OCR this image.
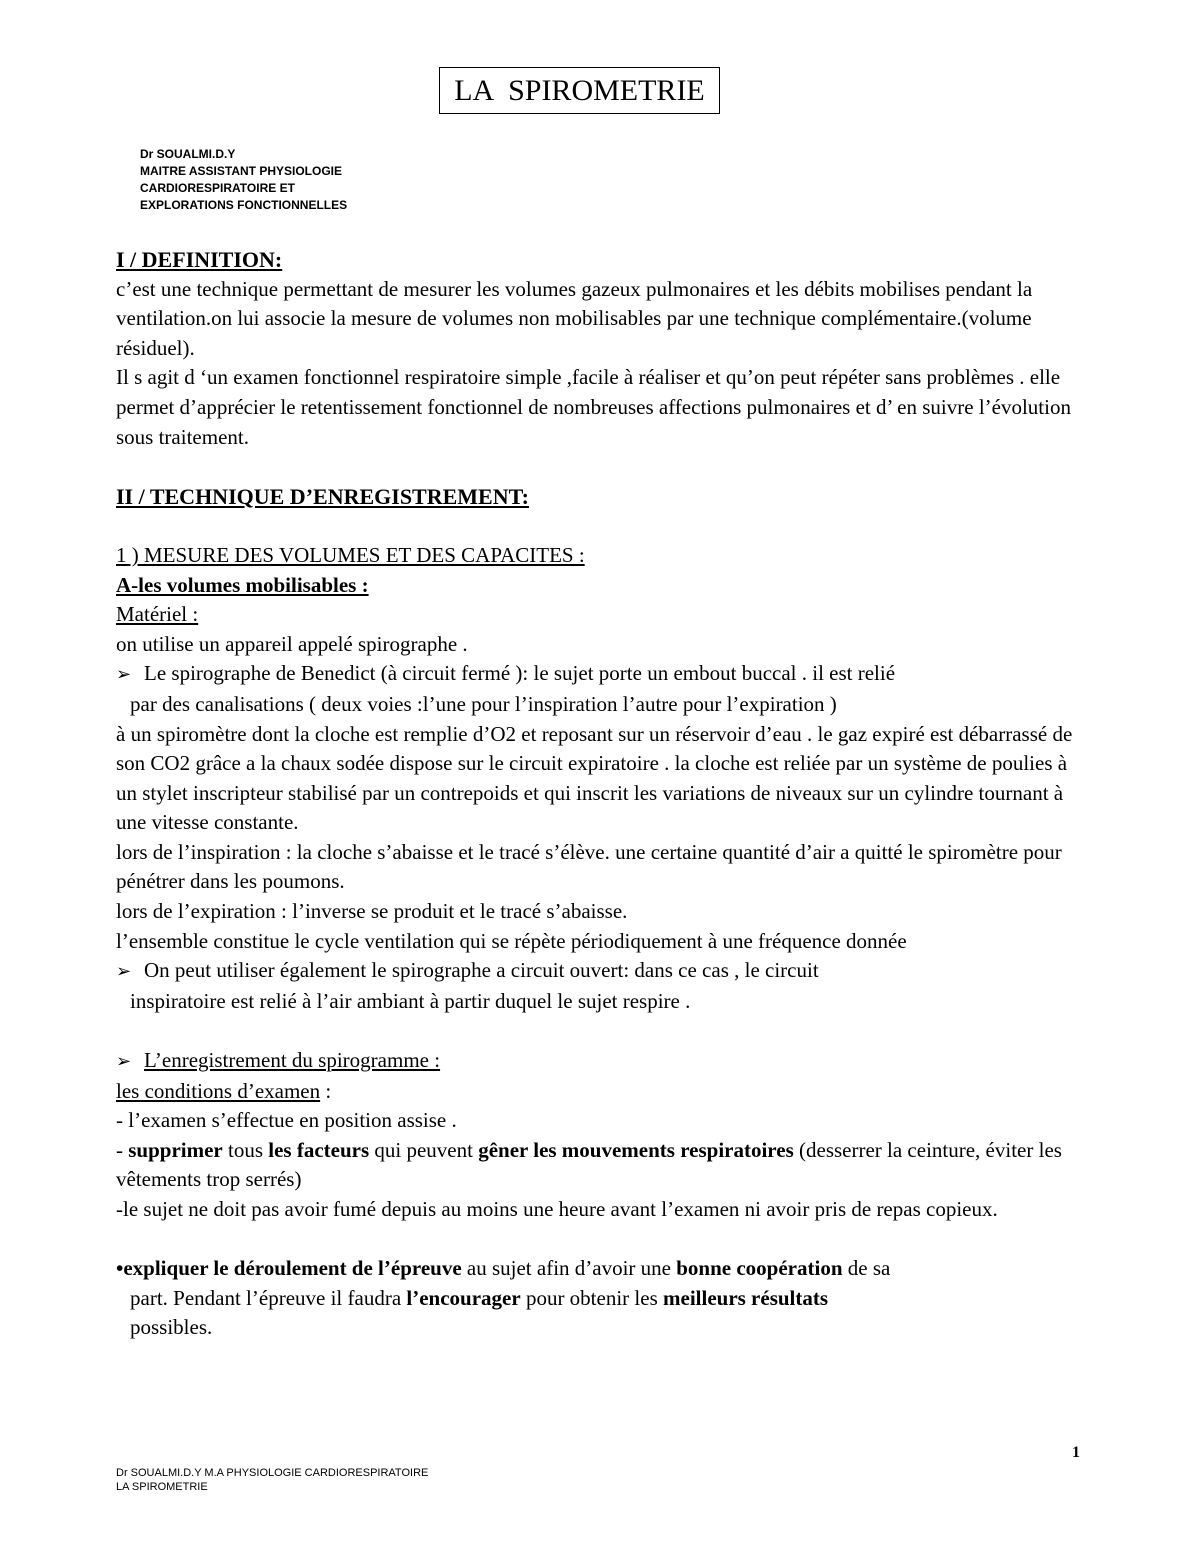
LA SPIROMETRIE
Dr SOUALMI.D.Y
MAITRE ASSISTANT PHYSIOLOGIE
CARDIORESPIRATOIRE ET
EXPLORATIONS FONCTIONNELLES

I / DEFINITION:

c’est une technique permettant de mesurer les volumes gazeux pulmonaires et les débits mobilises pendant la ventilation.on lui associe la mesure de volumes non mobilisables par une technique complémentaire.(volume résiduel).

Il s agit d ‘un examen fonctionnel respiratoire simple ,facile à réaliser et qu’on peut répéter sans problèmes . elle permet d’apprécier le retentissement fonctionnel de nombreuses affections pulmonaires et d’ en suivre l’évolution sous traitement.

II / TECHNIQUE D’ENREGISTREMENT:

1 ) MESURE DES VOLUMES ET DES CAPACITES :

A-les volumes mobilisables :

Matériel :

on utilise un appareil appelé spirographe .

➢ Le spirographe de Benedict (à circuit fermé ): le sujet porte un embout buccal . il est relié

par des canalisations ( deux voies :l’une pour l’inspiration l’autre pour l’expiration )

à un spiromètre dont la cloche est remplie d’O2 et reposant sur un réservoir d’eau . le gaz expiré est débarrassé de son CO2 grâce a la chaux sodée dispose sur le circuit expiratoire . la cloche est reliée par un système de poulies à un stylet inscripteur stabilisé par un contrepoids et qui inscrit les variations de niveaux sur un cylindre tournant à une vitesse constante.

lors de l’inspiration : la cloche s’abaisse et le tracé s’élève. une certaine quantité d’air a quitté le spiromètre pour pénétrer dans les poumons.

lors de l’expiration : l’inverse se produit et le tracé s’abaisse.

l’ensemble constitue le cycle ventilation qui se répète périodiquement à une fréquence donnée

➢ On peut utiliser également le spirographe a circuit ouvert: dans ce cas , le circuit

inspiratoire est relié à l’air ambiant à partir duquel le sujet respire .

➢ L’enregistrement du spirogramme :

les conditions d’examen :

- l’examen s’effectue en position assise .

- supprimer tous les facteurs qui peuvent gêner les mouvements respiratoires (desserrer la ceinture, éviter les vêtements trop serrés)

-le sujet ne doit pas avoir fumé depuis au moins une heure avant l’examen ni avoir pris de repas copieux.

•expliquer le déroulement de l’épreuve au sujet afin d’avoir une bonne coopération de sa

part. Pendant l’épreuve il faudra l’encourager pour obtenir les meilleurs résultats

possibles.

1
Dr SOUALMI.D.Y M.A PHYSIOLOGIE CARDIORESPIRATOIRE
LA SPIROMETRIE
